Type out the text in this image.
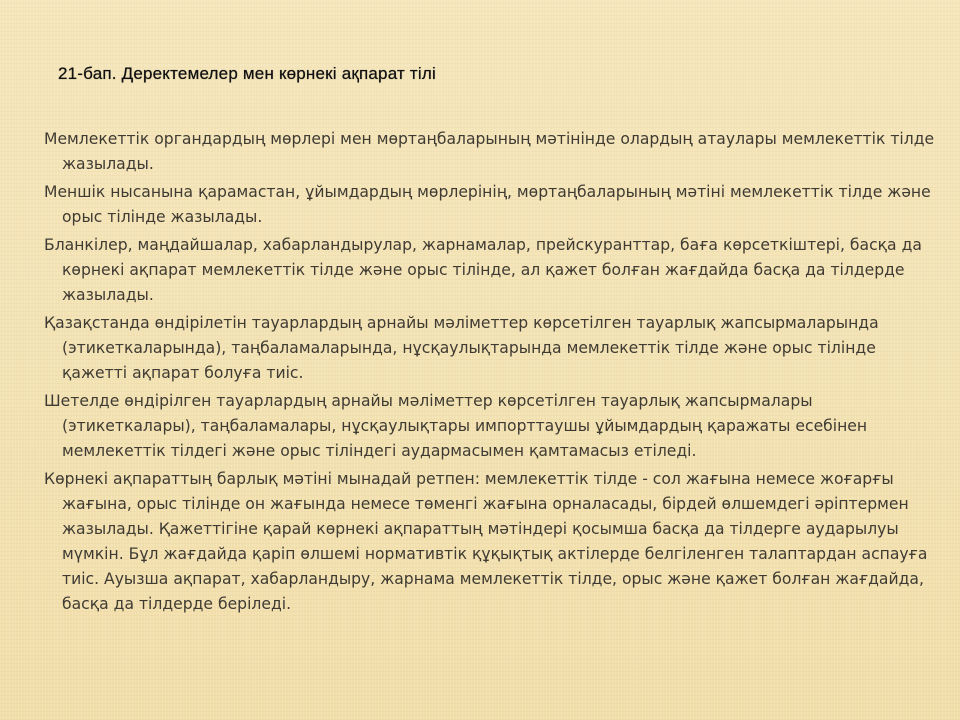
21-бап. Деректемелер мен көрнекі ақпарат тілі

Мемлекеттік органдардың мөрлері мен мөртаңбаларының мәтінінде олардың атаулары мемлекеттік тілде жазылады.

Меншік нысанына қарамастан, ұйымдардың мөрлерінің, мөртаңбаларының мәтіні мемлекеттік тілде және орыс тілінде жазылады.

Бланкілер, маңдайшалар, хабарландырулар, жарнамалар, прейскуранттар, баға көрсеткіштері, басқа да көрнекі ақпарат мемлекеттік тілде және орыс тілінде, ал қажет болған жағдайда басқа да тілдерде жазылады.

Қазақстанда өндірілетін тауарлардың арнайы мәліметтер көрсетілген тауарлық жапсырмаларында (этикеткаларында), таңбаламаларында, нұсқаулықтарында мемлекеттік тілде және орыс тілінде қажетті ақпарат болуға тиіс.

Шетелде өндірілген тауарлардың арнайы мәліметтер көрсетілген тауарлық жапсырмалары (этикеткалары), таңбаламалары, нұсқаулықтары импорттаушы ұйымдардың қаражаты есебінен мемлекеттік тілдегі және орыс тіліндегі аудармасымен қамтамасыз етіледі.

Көрнекі ақпараттың барлық мәтіні мынадай ретпен: мемлекеттік тілде - сол жағына немесе жоғарғы жағына, орыс тілінде он жағында немесе төменгі жағына орналасады, бірдей өлшемдегі әріптермен жазылады. Қажеттігіне қарай көрнекі ақпараттың мәтіндері қосымша басқа да тілдерге аударылуы мүмкін. Бұл жағдайда қаріп өлшемі нормативтік құқықтық актілерде белгіленген талаптардан аспауға тиіс. Ауызша ақпарат, хабарландыру, жарнама мемлекеттік тілде, орыс және қажет болған жағдайда, басқа да тілдерде беріледі.
